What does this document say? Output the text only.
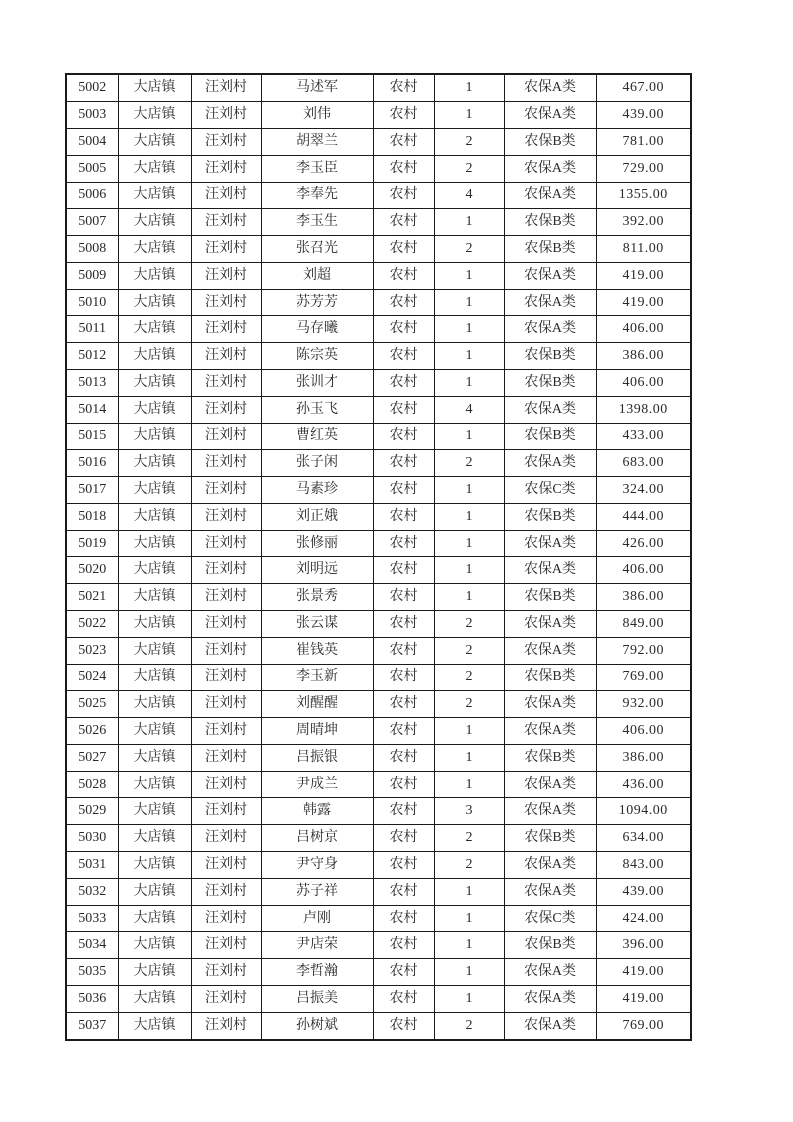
5002	大店镇	汪刘村	马述军	农村	1	农保A类	467.00
5003	大店镇	汪刘村	刘伟	农村	1	农保A类	439.00
5004	大店镇	汪刘村	胡翠兰	农村	2	农保B类	781.00
5005	大店镇	汪刘村	李玉臣	农村	2	农保A类	729.00
5006	大店镇	汪刘村	李奉先	农村	4	农保A类	1355.00
5007	大店镇	汪刘村	李玉生	农村	1	农保B类	392.00
5008	大店镇	汪刘村	张召光	农村	2	农保B类	811.00
5009	大店镇	汪刘村	刘超	农村	1	农保A类	419.00
5010	大店镇	汪刘村	苏芳芳	农村	1	农保A类	419.00
5011	大店镇	汪刘村	马存曦	农村	1	农保A类	406.00
5012	大店镇	汪刘村	陈宗英	农村	1	农保B类	386.00
5013	大店镇	汪刘村	张训才	农村	1	农保B类	406.00
5014	大店镇	汪刘村	孙玉飞	农村	4	农保A类	1398.00
5015	大店镇	汪刘村	曹红英	农村	1	农保B类	433.00
5016	大店镇	汪刘村	张子闲	农村	2	农保A类	683.00
5017	大店镇	汪刘村	马素珍	农村	1	农保C类	324.00
5018	大店镇	汪刘村	刘正娥	农村	1	农保B类	444.00
5019	大店镇	汪刘村	张修丽	农村	1	农保A类	426.00
5020	大店镇	汪刘村	刘明远	农村	1	农保A类	406.00
5021	大店镇	汪刘村	张景秀	农村	1	农保B类	386.00
5022	大店镇	汪刘村	张云谋	农村	2	农保A类	849.00
5023	大店镇	汪刘村	崔钱英	农村	2	农保A类	792.00
5024	大店镇	汪刘村	李玉新	农村	2	农保B类	769.00
5025	大店镇	汪刘村	刘醒醒	农村	2	农保A类	932.00
5026	大店镇	汪刘村	周晴坤	农村	1	农保A类	406.00
5027	大店镇	汪刘村	吕振银	农村	1	农保B类	386.00
5028	大店镇	汪刘村	尹成兰	农村	1	农保A类	436.00
5029	大店镇	汪刘村	韩露	农村	3	农保A类	1094.00
5030	大店镇	汪刘村	吕树京	农村	2	农保B类	634.00
5031	大店镇	汪刘村	尹守身	农村	2	农保A类	843.00
5032	大店镇	汪刘村	苏子祥	农村	1	农保A类	439.00
5033	大店镇	汪刘村	卢刚	农村	1	农保C类	424.00
5034	大店镇	汪刘村	尹店荣	农村	1	农保B类	396.00
5035	大店镇	汪刘村	李哲瀚	农村	1	农保A类	419.00
5036	大店镇	汪刘村	吕振美	农村	1	农保A类	419.00
5037	大店镇	汪刘村	孙树斌	农村	2	农保A类	769.00
